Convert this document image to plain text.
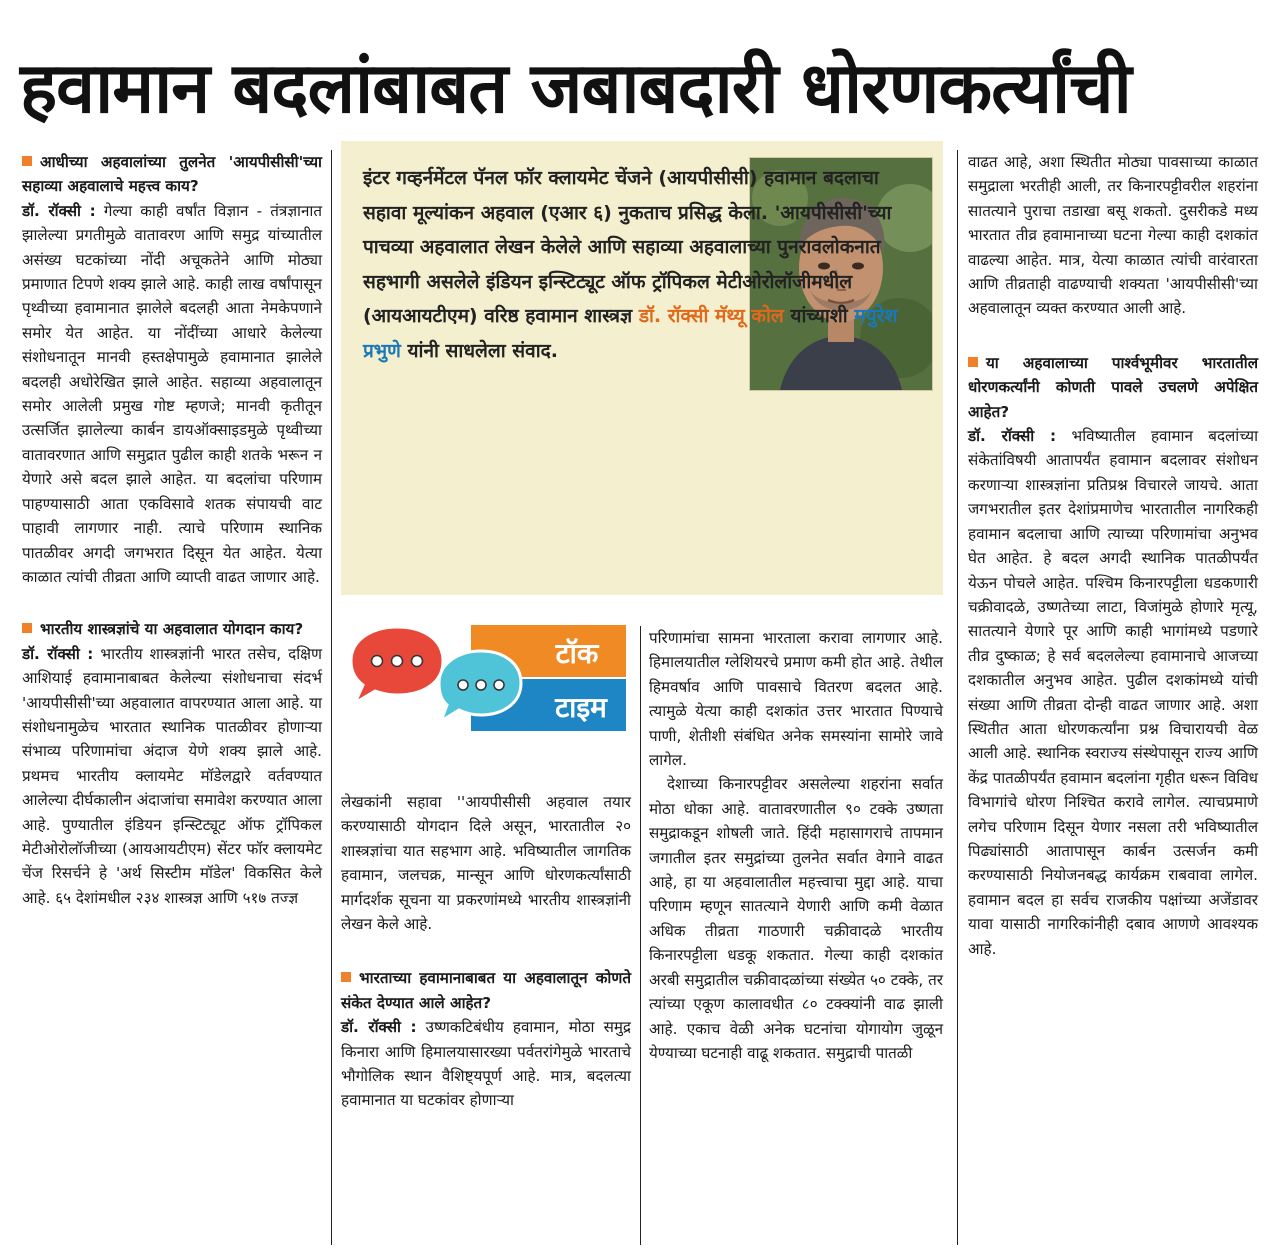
हवामान बदलांबाबत जबाबदारी धोरणकर्त्यांची

आधीच्या अहवालांच्या तुलनेत 'आयपीसीसी'च्या सहाव्या अहवालाचे महत्त्व काय?

डॉ. रॉक्सी : गेल्या काही वर्षांत विज्ञान - तंत्रज्ञानात झालेल्या प्रगतीमुळे वातावरण आणि समुद्र यांच्यातील असंख्य घटकांच्या नोंदी अचूकतेने आणि मोठ्या प्रमाणात टिपणे शक्य झाले आहे. काही लाख वर्षांपासून पृथ्वीच्या हवामानात झालेले बदलही आता नेमकेपणाने समोर येत आहेत. या नोंदींच्या आधारे केलेल्या संशोधनातून मानवी हस्तक्षेपामुळे हवामानात झालेले बदलही अधोरेखित झाले आहेत. सहाव्या अहवालातून समोर आलेली प्रमुख गोष्ट म्हणजे; मानवी कृतीतून उत्सर्जित झालेल्या कार्बन डायऑक्साइडमुळे पृथ्वीच्या वातावरणात आणि समुद्रात पुढील काही शतके भरून न येणारे असे बदल झाले आहेत. या बदलांचा परिणाम पाहण्यासाठी आता एकविसावे शतक संपायची वाट पाहावी लागणार नाही. त्याचे परिणाम स्थानिक पातळीवर अगदी जगभरात दिसून येत आहेत. येत्या काळात त्यांची तीव्रता आणि व्याप्ती वाढत जाणार आहे.

भारतीय शास्त्रज्ञांचे या अहवालात योगदान काय?

डॉ. रॉक्सी : भारतीय शास्त्रज्ञांनी भारत तसेच, दक्षिण आशियाई हवामानाबाबत केलेल्या संशोधनाचा संदर्भ 'आयपीसीसी'च्या अहवालात वापरण्यात आला आहे. या संशोधनामुळेच भारतात स्थानिक पातळीवर होणाऱ्या संभाव्य परिणामांचा अंदाज येणे शक्य झाले आहे. प्रथमच भारतीय क्लायमेट मॉडेलद्वारे वर्तवण्यात आलेल्या दीर्घकालीन अंदाजांचा समावेश करण्यात आला आहे. पुण्यातील इंडियन इन्स्टिट्यूट ऑफ ट्रॉपिकल मेटीओरोलॉजीच्या (आयआयटीएम) सेंटर फॉर क्लायमेट चेंज रिसर्चने हे 'अर्थ सिस्टीम मॉडेल' विकसित केले आहे. ६५ देशांमधील २३४ शास्त्रज्ञ आणि ५१७ तज्ज्ञ

इंटर गव्हर्नमेंटल पॅनल फॉर क्लायमेट चेंजने (आयपीसीसी) हवामान बदलाचा सहावा मूल्यांकन अहवाल (एआर ६) नुकताच प्रसिद्ध केला. 'आयपीसीसी'च्या पाचव्या अहवालात लेखन केलेले आणि सहाव्या अहवालाच्या पुनरावलोकनात सहभागी असलेले इंडियन इन्स्टिट्यूट ऑफ ट्रॉपिकल मेटीओरोलॉजीमधील (आयआयटीएम) वरिष्ठ हवामान शास्त्रज्ञ डॉ. रॉक्सी मॅथ्यू कोल यांच्याशी मयुरेश प्रभुणे यांनी साधलेला संवाद.
टॉक
टाइम

लेखकांनी सहावा ''आयपीसीसी अहवाल तयार करण्यासाठी योगदान दिले असून, भारतातील २० शास्त्रज्ञांचा यात सहभाग आहे. भविष्यातील जागतिक हवामान, जलचक्र, मान्सून आणि धोरणकर्त्यांसाठी मार्गदर्शक सूचना या प्रकरणांमध्ये भारतीय शास्त्रज्ञांनी लेखन केले आहे.

भारताच्या हवामानाबाबत या अहवालातून कोणते संकेत देण्यात आले आहेत?

डॉ. रॉक्सी : उष्णकटिबंधीय हवामान, मोठा समुद्र किनारा आणि हिमालयासारख्या पर्वतरांगेमुळे भारताचे भौगोलिक स्थान वैशिष्ट्यपूर्ण आहे. मात्र, बदलत्या हवामानात या घटकांवर होणाऱ्या

परिणामांचा सामना भारताला करावा लागणार आहे. हिमालयातील ग्लेशियरचे प्रमाण कमी होत आहे. तेथील हिमवर्षाव आणि पावसाचे वितरण बदलत आहे. त्यामुळे येत्या काही दशकांत उत्तर भारतात पिण्याचे पाणी, शेतीशी संबंधित अनेक समस्यांना सामोरे जावे लागेल.

देशाच्या किनारपट्टीवर असलेल्या शहरांना सर्वात मोठा धोका आहे. वातावरणातील ९० टक्के उष्णता समुद्राकडून शोषली जाते. हिंदी महासागराचे तापमान जगातील इतर समुद्रांच्या तुलनेत सर्वात वेगाने वाढत आहे, हा या अहवालातील महत्त्वाचा मुद्दा आहे. याचा परिणाम म्हणून सातत्याने येणारी आणि कमी वेळात अधिक तीव्रता गाठणारी चक्रीवादळे भारतीय किनारपट्टीला धडकू शकतात. गेल्या काही दशकांत अरबी समुद्रातील चक्रीवादळांच्या संख्येत ५० टक्के, तर त्यांच्या एकूण कालावधीत ८० टक्क्यांनी वाढ झाली आहे. एकाच वेळी अनेक घटनांचा योगायोग जुळून येण्याच्या घटनाही वाढू शकतात. समुद्राची पातळी

वाढत आहे, अशा स्थितीत मोठ्या पावसाच्या काळात समुद्राला भरतीही आली, तर किनारपट्टीवरील शहरांना सातत्याने पुराचा तडाखा बसू शकतो. दुसरीकडे मध्य भारतात तीव्र हवामानाच्या घटना गेल्या काही दशकांत वाढल्या आहेत. मात्र, येत्या काळात त्यांची वारंवारता आणि तीव्रताही वाढण्याची शक्यता 'आयपीसीसी'च्या अहवालातून व्यक्त करण्यात आली आहे.

या अहवालाच्या पार्श्वभूमीवर भारतातील धोरणकर्त्यांनी कोणती पावले उचलणे अपेक्षित आहेत?

डॉ. रॉक्सी : भविष्यातील हवामान बदलांच्या संकेतांविषयी आतापर्यंत हवामान बदलावर संशोधन करणाऱ्या शास्त्रज्ञांना प्रतिप्रश्न विचारले जायचे. आता जगभरातील इतर देशांप्रमाणेच भारतातील नागरिकही हवामान बदलाचा आणि त्याच्या परिणामांचा अनुभव घेत आहेत. हे बदल अगदी स्थानिक पातळीपर्यंत येऊन पोचले आहेत. पश्चिम किनारपट्टीला धडकणारी चक्रीवादळे, उष्णतेच्या लाटा, विजांमुळे होणारे मृत्यू, सातत्याने येणारे पूर आणि काही भागांमध्ये पडणारे तीव्र दुष्काळ; हे सर्व बदललेल्या हवामानाचे आजच्या दशकातील अनुभव आहेत. पुढील दशकांमध्ये यांची संख्या आणि तीव्रता दोन्ही वाढत जाणार आहे. अशा स्थितीत आता धोरणकर्त्यांना प्रश्न विचारायची वेळ आली आहे. स्थानिक स्वराज्य संस्थेपासून राज्य आणि केंद्र पातळीपर्यंत हवामान बदलांना गृहीत धरून विविध विभागांचे धोरण निश्चित करावे लागेल. त्याचप्रमाणे लगेच परिणाम दिसून येणार नसला तरी भविष्यातील पिढ्यांसाठी आतापासून कार्बन उत्सर्जन कमी करण्यासाठी नियोजनबद्ध कार्यक्रम राबवावा लागेल. हवामान बदल हा सर्वच राजकीय पक्षांच्या अजेंडावर यावा यासाठी नागरिकांनीही दबाव आणणे आवश्यक आहे.
